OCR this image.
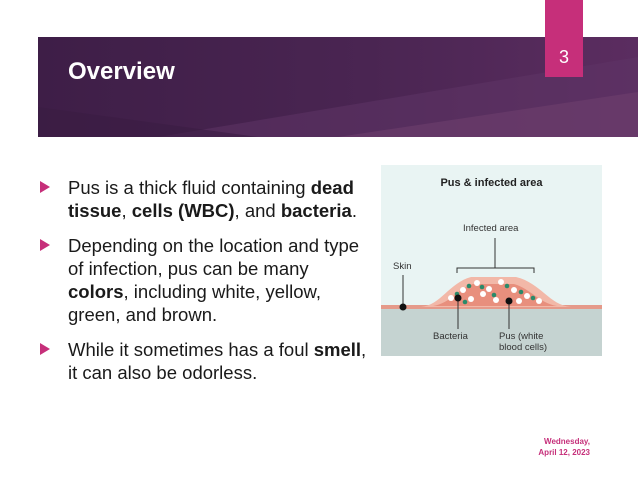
Overview
3
Pus is a thick fluid containing dead tissue, cells (WBC), and bacteria.
Depending on the location and type of infection, pus can be many colors, including white, yellow, green, and brown.
While it sometimes has a foul smell, it can also be odorless.
Pus & infected area
Infected area
Skin
Bacteria	Pus (white
blood cells)
Wednesday,
April 12, 2023
